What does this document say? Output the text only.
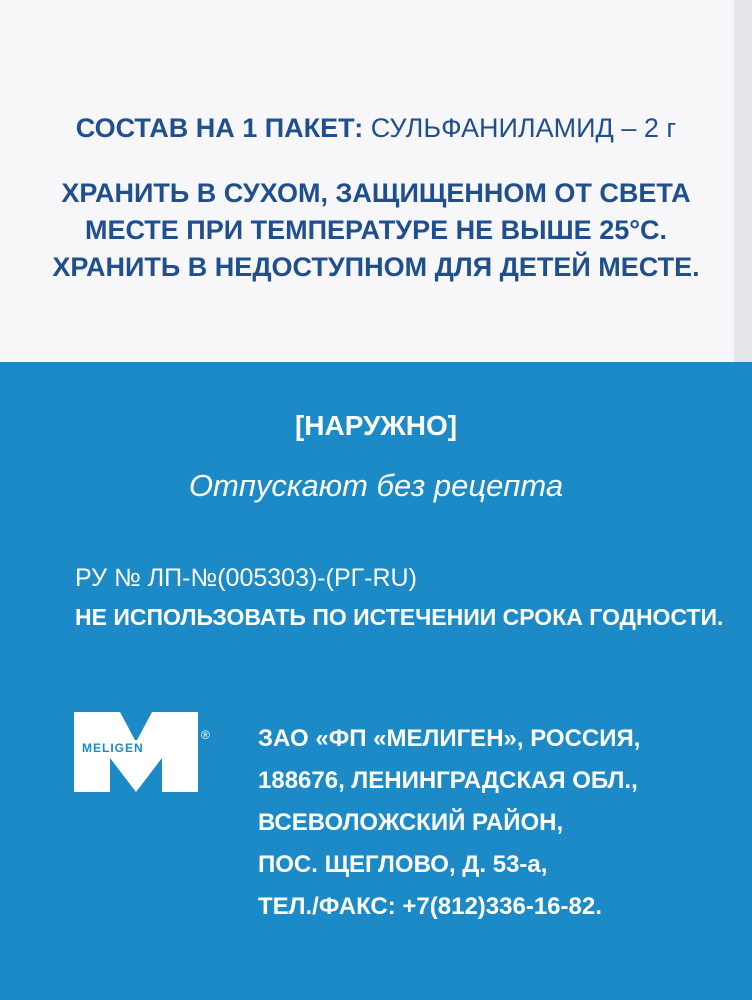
СОСТАВ НА 1 ПАКЕТ: СУЛЬФАНИЛАМИД – 2 г
ХРАНИТЬ В СУХОМ, ЗАЩИЩЕННОМ ОТ СВЕТА
МЕСТЕ ПРИ ТЕМПЕРАТУРЕ НЕ ВЫШЕ 25°С.
ХРАНИТЬ В НЕДОСТУПНОМ ДЛЯ ДЕТЕЙ МЕСТЕ.
[НАРУЖНО]
Отпускают без рецепта
РУ № ЛП-№(005303)-(РГ-RU)
НЕ ИСПОЛЬЗОВАТЬ ПО ИСТЕЧЕНИИ СРОКА ГОДНОСТИ.
MELIGEN
® ЗАО «ФП «МЕЛИГЕН», РОССИЯ,
188676, ЛЕНИНГРАДСКАЯ ОБЛ.,
ВСЕВОЛОЖСКИЙ РАЙОН,
ПОС. ЩЕГЛОВО, Д. 53-а,
ТЕЛ./ФАКС: +7(812)336-16-82.
